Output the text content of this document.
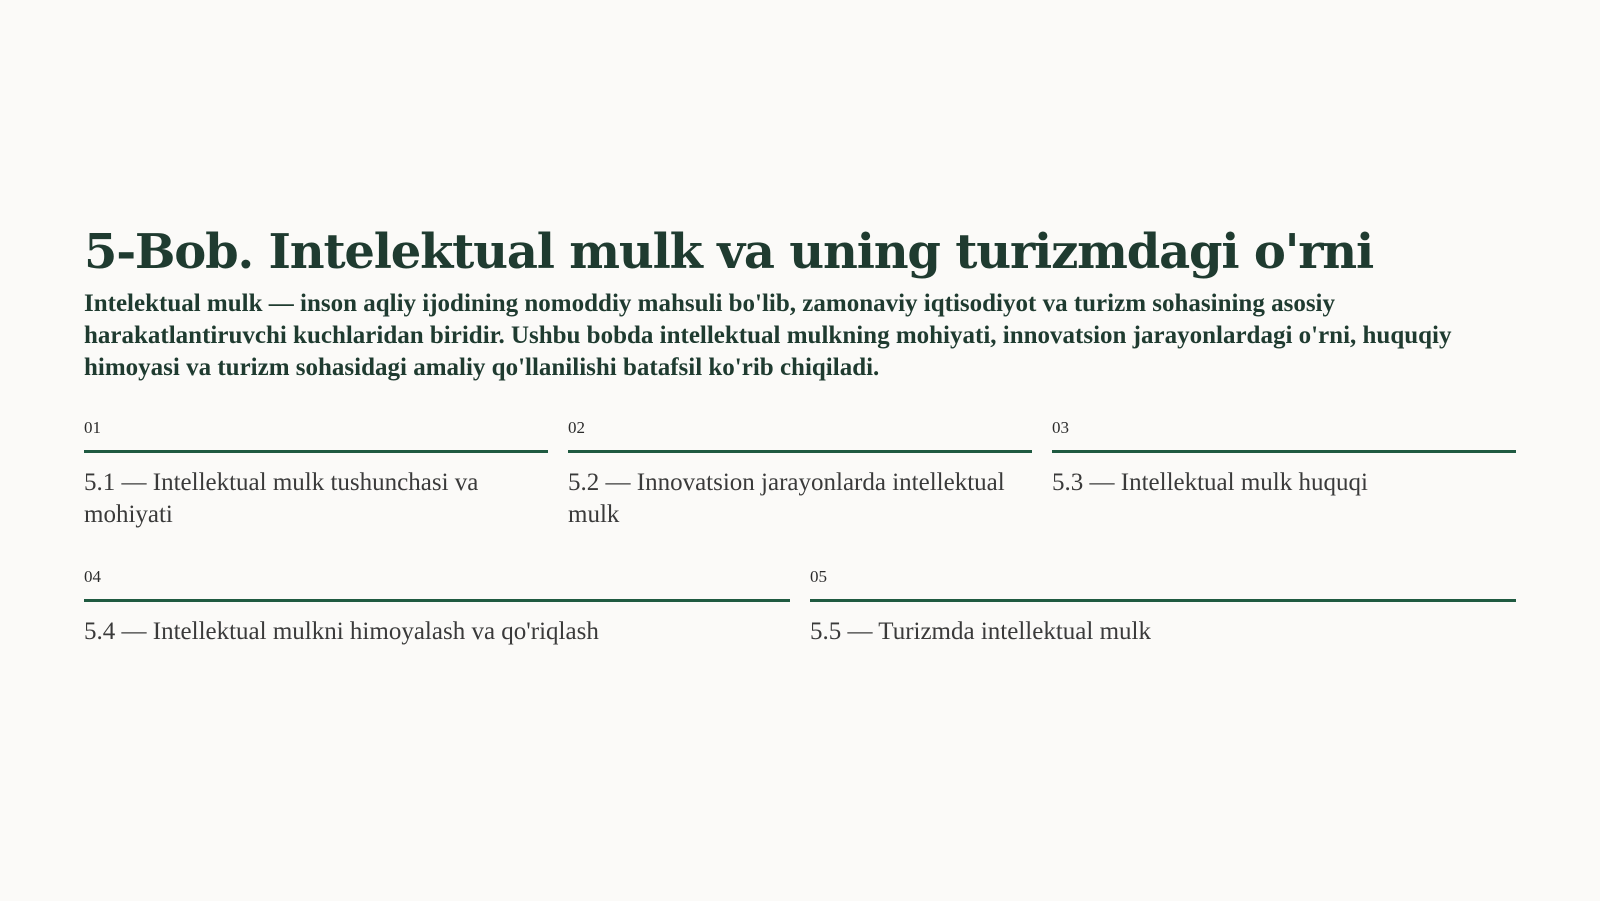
5-Bob. Intelektual mulk va uning turizmdagi o'rni

Intelektual mulk — inson aqliy ijodining nomoddiy mahsuli bo'lib, zamonaviy iqtisodiyot va turizm sohasining asosiy harakatlantiruvchi kuchlaridan biridir. Ushbu bobda intellektual mulkning mohiyati, innovatsion jarayonlardagi o'rni, huquqiy himoyasi va turizm sohasidagi amaliy qo'llanilishi batafsil ko'rib chiqiladi.

01
5.1 — Intellektual mulk tushunchasi va mohiyati
02
5.2 — Innovatsion jarayonlarda intellektual mulk
03
5.3 — Intellektual mulk huquqi
04
5.4 — Intellektual mulkni himoyalash va qo'riqlash
05
5.5 — Turizmda intellektual mulk
